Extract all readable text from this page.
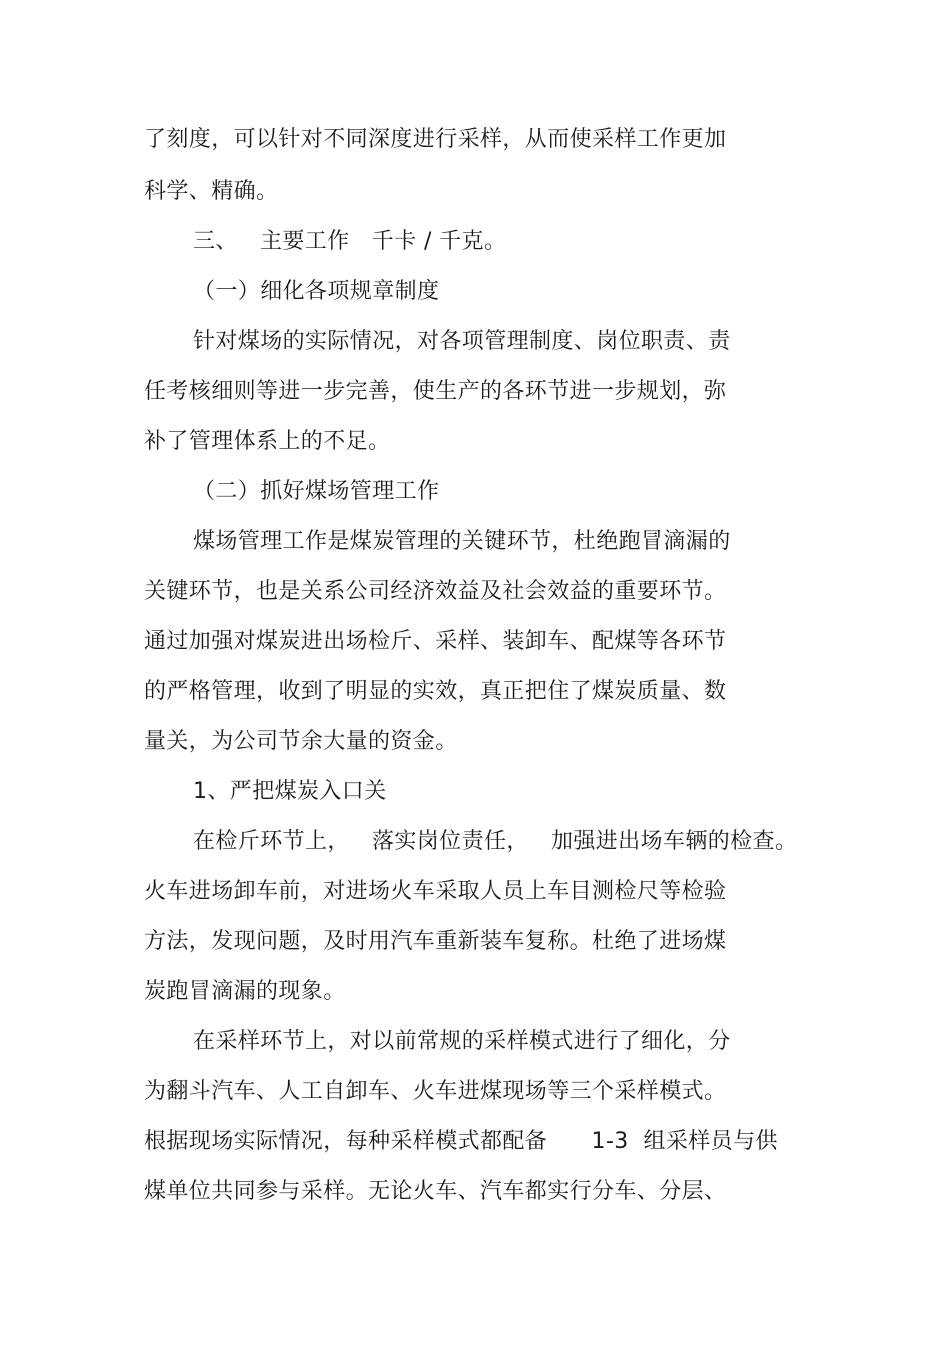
了刻度，可以针对不同深度进行采样，从而使采样工作更加
科学、精确。
三、   主要工作   千卡 / 千克。
（一）细化各项规章制度
针对煤场的实际情况，对各项管理制度、岗位职责、责
任考核细则等进一步完善，使生产的各环节进一步规划，弥
补了管理体系上的不足。
（二）抓好煤场管理工作
煤场管理工作是煤炭管理的关键环节，杜绝跑冒滴漏的
关键环节，也是关系公司经济效益及社会效益的重要环节。
通过加强对煤炭进出场检斤、采样、装卸车、配煤等各环节
的严格管理，收到了明显的实效，真正把住了煤炭质量、数
量关，为公司节余大量的资金。
1、严把煤炭入口关
在检斤环节上，   落实岗位责任，   加强进出场车辆的检查。
火车进场卸车前，对进场火车采取人员上车目测检尺等检验
方法，发现问题，及时用汽车重新装车复称。杜绝了进场煤
炭跑冒滴漏的现象。
在采样环节上，对以前常规的采样模式进行了细化，分
为翻斗汽车、人工自卸车、火车进煤现场等三个采样模式。
根据现场实际情况，每种采样模式都配备      1-3  组采样员与供
煤单位共同参与采样。无论火车、汽车都实行分车、分层、
